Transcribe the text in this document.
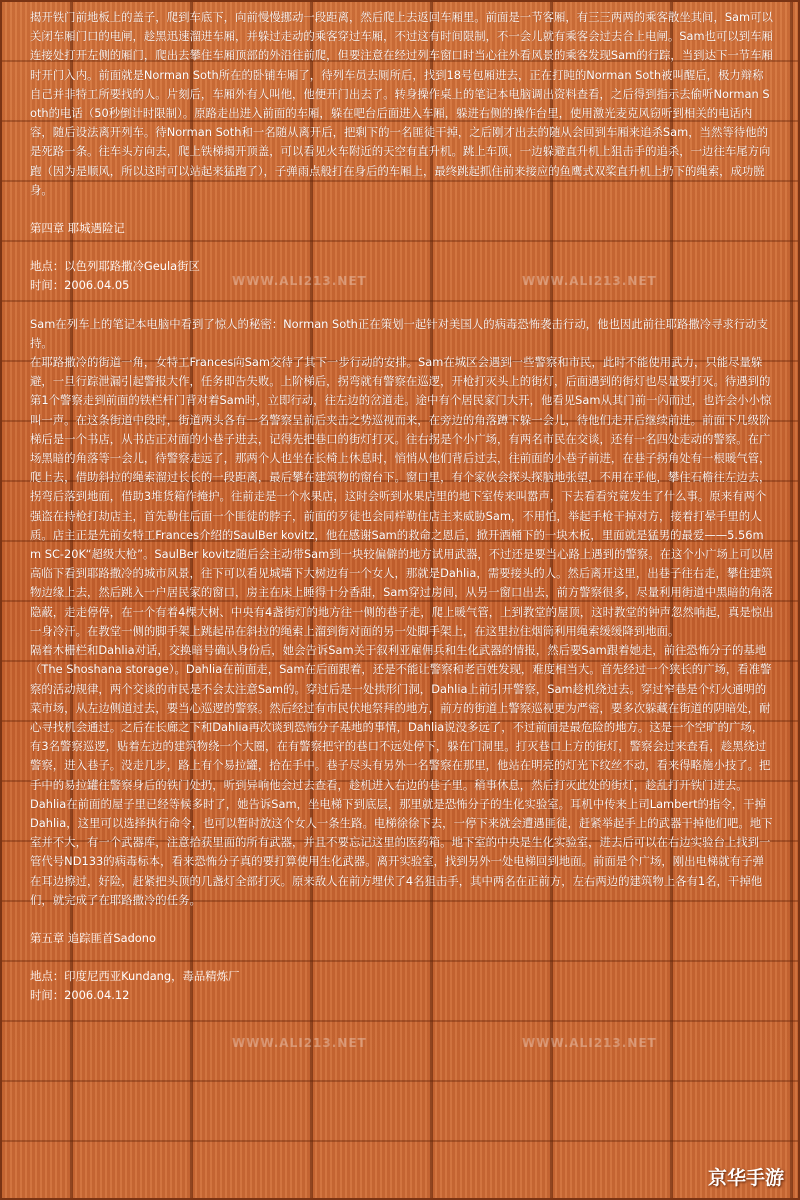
揭开铁门前地板上的盖子，爬到车底下，向前慢慢挪动一段距离，然后爬上去返回车厢里。前面是一节客厢，有三三两两的乘客散坐其间，Sam可以关闭车厢门口的电闸，趁黑迅速溜进车厢，并躲过走动的乘客穿过车厢，不过这有时间限制，不一会儿就有乘客会过去合上电闸。Sam也可以到车厢连接处打开左侧的厢门，爬出去攀住车厢顶部的外沿往前爬，但要注意在经过列车窗口时当心往外看风景的乘客发现Sam的行踪，当到达下一节车厢时开门入内。前面就是Norman Soth所在的卧铺车厢了，待列车员去厕所后，找到18号包厢进去，正在打盹的Norman Soth被叫醒后，极力辩称自己并非特工所要找的人。片刻后，车厢外有人叫他，他便开门出去了。转身操作桌上的笔记本电脑调出资料查看，之后得到指示去偷听Norman Soth的电话（50秒倒计时限制）。原路走出进入前面的车厢，躲在吧台后面进入车厢，躲进右侧的操作台里，使用激光麦克风窃听到相关的电话内容，随后设法离开列车。待Norman Soth和一名随从离开后，把剩下的一名匪徒干掉，之后刚才出去的随从会回到车厢来追杀Sam，当然等待他的是死路一条。往车头方向去，爬上铁梯揭开顶盖，可以看见火车附近的天空有直升机。跳上车顶，一边躲避直升机上狙击手的追杀，一边往车尾方向跑（因为是顺风，所以这时可以站起来猛跑了），子弹雨点般打在身后的车厢上，最终跳起抓住前来接应的鱼鹰式双桨直升机上扔下的绳索，成功脱身。

第四章 耶城遇险记

地点：以色列耶路撒冷Geula街区

时间：2006.04.05

Sam在列车上的笔记本电脑中看到了惊人的秘密：Norman Soth正在策划一起针对美国人的病毒恐怖袭击行动，他也因此前往耶路撒冷寻求行动支持。

在耶路撒冷的街道一角，女特工Frances向Sam交待了其下一步行动的安排。Sam在城区会遇到一些警察和市民，此时不能使用武力，只能尽量躲避，一旦行踪泄漏引起警报大作，任务即告失败。上阶梯后，拐弯就有警察在巡逻，开枪打灭头上的街灯，后面遇到的街灯也尽量要打灭。待遇到的第1个警察走到前面的铁栏杆门背对着Sam时，立即行动，往左边的岔道走。途中有个居民家门大开，他看见Sam从其门前一闪而过，也许会小小惊叫一声。在这条街道中段时，街道两头各有一名警察呈前后夹击之势巡视而来，在旁边的角落蹲下躲一会儿，待他们走开后继续前进。前面下几级阶梯后是一个书店，从书店正对面的小巷子进去，记得先把巷口的街灯打灭。往右拐是个小广场，有两名市民在交谈，还有一名四处走动的警察。在广场黑暗的角落等一会儿，待警察走远了，那两个人也坐在长椅上休息时，悄悄从他们背后过去，往前面的小巷子前进，在巷子拐角处有一根暖气管，爬上去，借助斜拉的绳索溜过长长的一段距离，最后攀在建筑物的窗台下。窗口里，有个家伙会探头探脑地张望，不用在乎他，攀住石檐往左边去，拐弯后落到地面，借助3堆货箱作掩护。往前走是一个水果店，这时会听到水果店里的地下室传来叫嚣声，下去看看究竟发生了什么事。原来有两个强盗在持枪打劫店主，首先勒住后面一个匪徒的脖子，前面的歹徒也会同样勒住店主来威胁Sam，不用怕，举起手枪干掉对方，接着打晕手里的人质。店主正是先前女特工Frances介绍的SaulBer kovitz，他在感谢Sam的救命之恩后，掀开酒桶下的一块木板，里面就是猛男的最爱——5.56mm SC-20K“超级大枪”。SaulBer kovitz随后会主动带Sam到一块较偏僻的地方试用武器，不过还是要当心路上遇到的警察。在这个小广场上可以居高临下看到耶路撒冷的城市风景，往下可以看见城墙下大树边有一个女人，那就是Dahlia，需要接头的人。然后离开这里，出巷子往右走，攀住建筑物边缘上去，然后跳入一户居民家的窗口，房主在床上睡得十分香甜，Sam穿过房间，从另一窗口出去，前方警察很多，尽量利用街道中黑暗的角落隐蔽，走走停停，在一个有着4棵大树、中央有4盏街灯的地方往一侧的巷子走，爬上暖气管，上到教堂的屋顶，这时教堂的钟声忽然响起，真是惊出一身冷汗。在教堂一侧的脚手架上跳起吊在斜拉的绳索上溜到街对面的另一处脚手架上，在这里拉住烟筒利用绳索缓缓降到地面。

隔着木栅栏和Dahlia对话，交换暗号确认身份后，她会告诉Sam关于叙利亚雇佣兵和生化武器的情报，然后要Sam跟着她走，前往恐怖分子的基地（The Shoshana storage）。Dahlia在前面走，Sam在后面跟着，还是不能让警察和老百姓发现，难度相当大。首先经过一个狭长的广场，看准警察的活动规律，两个交谈的市民是不会太注意Sam的。穿过后是一处拱形门洞，Dahlia上前引开警察，Sam趁机绕过去。穿过窄巷是个灯火通明的菜市场，从左边侧道过去，要当心巡逻的警察。然后经过有市民伏地祭拜的地方，前方的街道上警察巡视更为严密，要多次躲藏在街道的阴暗处，耐心寻找机会通过。之后在长廊之下和Dahlia再次谈到恐怖分子基地的事情，Dahlia说没多远了，不过前面是最危险的地方。这是一个空旷的广场，有3名警察巡逻，贴着左边的建筑物绕一个大圈，在有警察把守的巷口不远处停下，躲在门洞里。打灭巷口上方的街灯，警察会过来查看，趁黑绕过警察，进入巷子。没走几步，路上有个易拉罐，拾在手中。巷子尽头有另外一名警察在那里，他站在明亮的灯光下纹丝不动，看来得略施小技了。把手中的易拉罐往警察身后的铁门处扔，听到异响他会过去查看，趁机进入右边的巷子里。稍事休息，然后打灭此处的街灯，趁乱打开铁门进去。

Dahlia在前面的屋子里已经等候多时了，她告诉Sam，坐电梯下到底层，那里就是恐怖分子的生化实验室。耳机中传来上司Lambert的指令，干掉Dahlia，这里可以选择执行命令，也可以暂时放这个女人一条生路。电梯徐徐下去，一停下来就会遭遇匪徒，赶紧举起手上的武器干掉他们吧。地下室并不大，有一个武器库，注意拾获里面的所有武器，并且不要忘记这里的医药箱。地下室的中央是生化实验室，进去后可以在右边实验台上找到一管代号ND133的病毒标本，看来恐怖分子真的要打算使用生化武器。离开实验室，找到另外一处电梯回到地面。前面是个广场，刚出电梯就有子弹在耳边擦过，好险，赶紧把头顶的几盏灯全部打灭。原来敌人在前方埋伏了4名狙击手，其中两名在正前方，左右两边的建筑物上各有1名，干掉他们，就完成了在耶路撒冷的任务。

第五章 追踪匪首Sadono

地点：印度尼西亚Kundang，毒品精炼厂

时间：2006.04.12

WWW.ALI213.NET	WWW.ALI213.NET
WWW.ALI213.NET	WWW.ALI213.NET
京华手游
